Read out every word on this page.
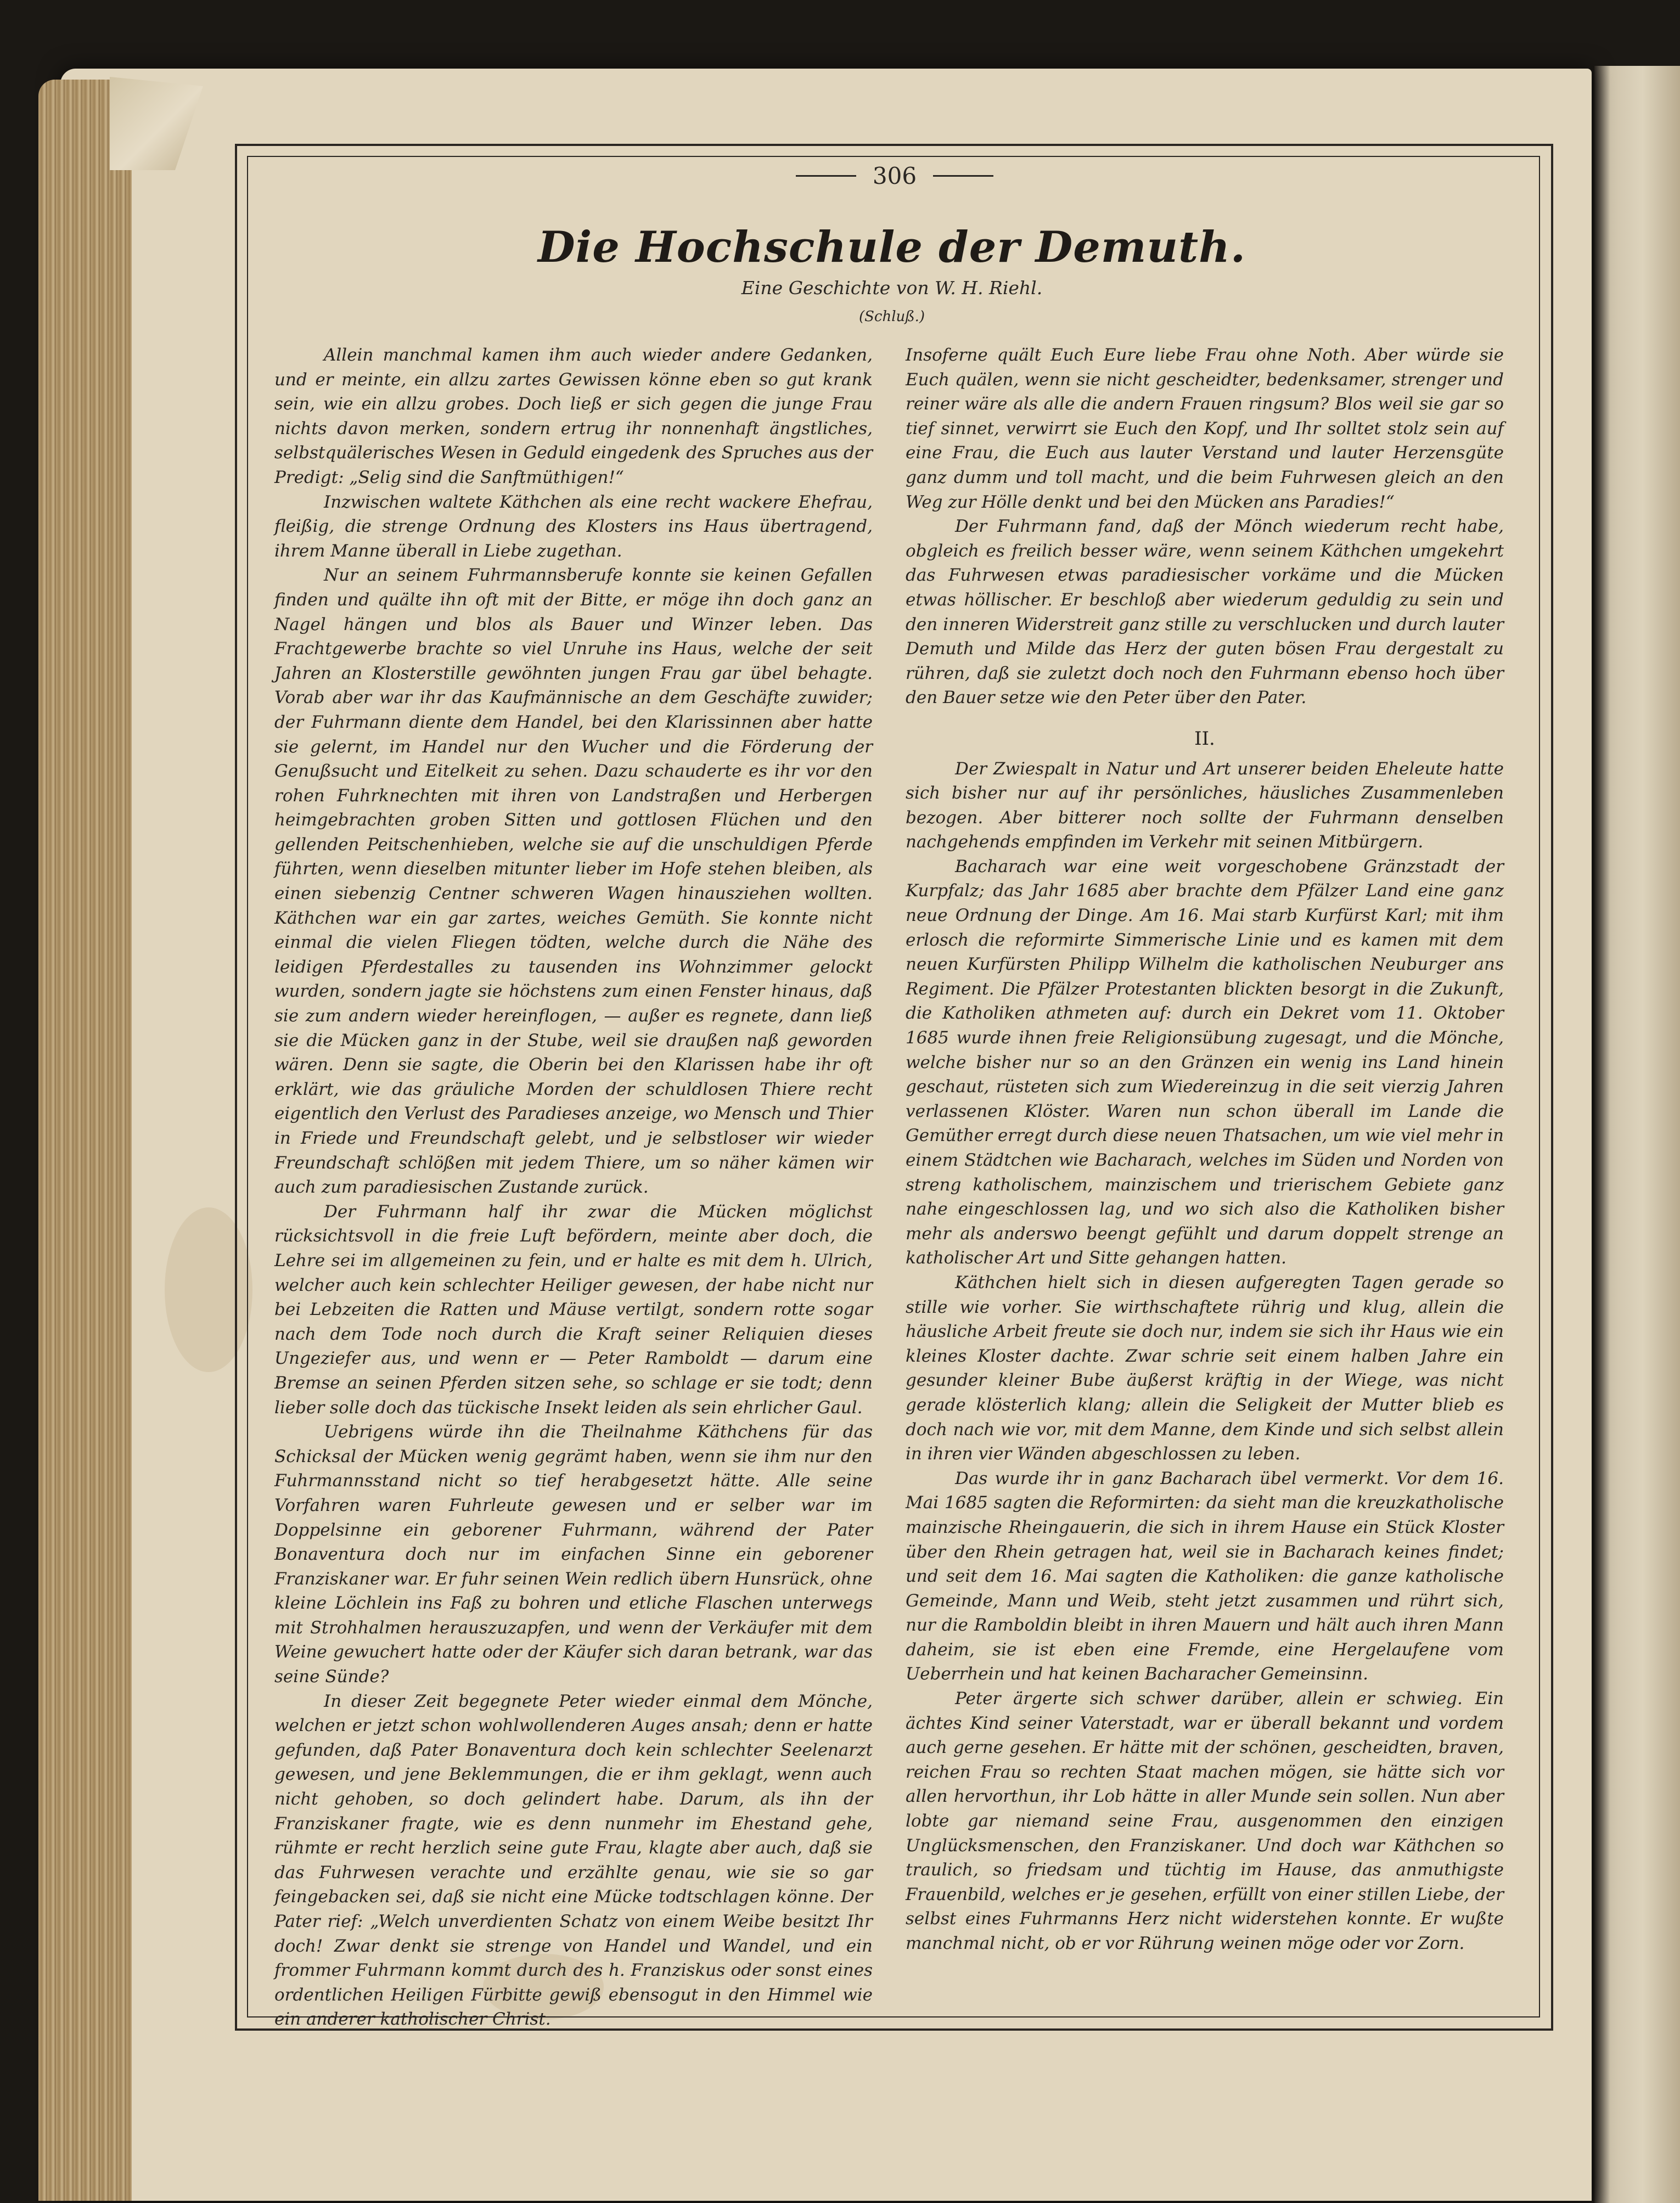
306
Die Hochschule der Demuth.
Eine Geschichte von W. H. Riehl.
(Schluß.)

Allein manchmal kamen ihm auch wieder andere Gedanken, und er meinte, ein allzu zartes Gewissen könne eben so gut krank sein, wie ein allzu grobes. Doch ließ er sich gegen die junge Frau nichts davon merken, sondern ertrug ihr nonnenhaft ängstliches, selbstquälerisches Wesen in Geduld eingedenk des Spruches aus der Predigt: „Selig sind die Sanftmüthigen!“

Inzwischen waltete Käthchen als eine recht wackere Ehefrau, fleißig, die strenge Ordnung des Klosters ins Haus übertragend, ihrem Manne überall in Liebe zugethan.

Nur an seinem Fuhrmannsberufe konnte sie keinen Gefallen finden und quälte ihn oft mit der Bitte, er möge ihn doch ganz an Nagel hängen und blos als Bauer und Winzer leben. Das Frachtgewerbe brachte so viel Unruhe ins Haus, welche der seit Jahren an Klosterstille gewöhnten jungen Frau gar übel behagte. Vorab aber war ihr das Kaufmännische an dem Geschäfte zuwider; der Fuhrmann diente dem Handel, bei den Klarissinnen aber hatte sie gelernt, im Handel nur den Wucher und die Förderung der Genußsucht und Eitelkeit zu sehen. Dazu schauderte es ihr vor den rohen Fuhrknechten mit ihren von Landstraßen und Herbergen heimgebrachten groben Sitten und gottlosen Flüchen und den gellenden Peitschenhieben, welche sie auf die unschuldigen Pferde führten, wenn dieselben mitunter lieber im Hofe stehen bleiben, als einen siebenzig Centner schweren Wagen hinausziehen wollten. Käthchen war ein gar zartes, weiches Gemüth. Sie konnte nicht einmal die vielen Fliegen tödten, welche durch die Nähe des leidigen Pferdestalles zu tausenden ins Wohnzimmer gelockt wurden, sondern jagte sie höchstens zum einen Fenster hinaus, daß sie zum andern wieder hereinflogen, — außer es regnete, dann ließ sie die Mücken ganz in der Stube, weil sie draußen naß geworden wären. Denn sie sagte, die Oberin bei den Klarissen habe ihr oft erklärt, wie das gräuliche Morden der schuldlosen Thiere recht eigentlich den Verlust des Paradieses anzeige, wo Mensch und Thier in Friede und Freundschaft gelebt, und je selbstloser wir wieder Freundschaft schlößen mit jedem Thiere, um so näher kämen wir auch zum paradiesischen Zustande zurück.

Der Fuhrmann half ihr zwar die Mücken möglichst rücksichtsvoll in die freie Luft befördern, meinte aber doch, die Lehre sei im allgemeinen zu fein, und er halte es mit dem h. Ulrich, welcher auch kein schlechter Heiliger gewesen, der habe nicht nur bei Lebzeiten die Ratten und Mäuse vertilgt, sondern rotte sogar nach dem Tode noch durch die Kraft seiner Reliquien dieses Ungeziefer aus, und wenn er — Peter Ramboldt — darum eine Bremse an seinen Pferden sitzen sehe, so schlage er sie todt; denn lieber solle doch das tückische Insekt leiden als sein ehrlicher Gaul.

Uebrigens würde ihn die Theilnahme Käthchens für das Schicksal der Mücken wenig gegrämt haben, wenn sie ihm nur den Fuhrmannsstand nicht so tief herabgesetzt hätte. Alle seine Vorfahren waren Fuhrleute gewesen und er selber war im Doppelsinne ein geborener Fuhrmann, während der Pater Bonaventura doch nur im einfachen Sinne ein geborener Franziskaner war. Er fuhr seinen Wein redlich übern Hunsrück, ohne kleine Löchlein ins Faß zu bohren und etliche Flaschen unterwegs mit Strohhalmen herauszuzapfen, und wenn der Verkäufer mit dem Weine gewuchert hatte oder der Käufer sich daran betrank, war das seine Sünde?

In dieser Zeit begegnete Peter wieder einmal dem Mönche, welchen er jetzt schon wohlwollenderen Auges ansah; denn er hatte gefunden, daß Pater Bonaventura doch kein schlechter Seelenarzt gewesen, und jene Beklemmungen, die er ihm geklagt, wenn auch nicht gehoben, so doch gelindert habe. Darum, als ihn der Franziskaner fragte, wie es denn nunmehr im Ehestand gehe, rühmte er recht herzlich seine gute Frau, klagte aber auch, daß sie das Fuhrwesen verachte und erzählte genau, wie sie so gar feingebacken sei, daß sie nicht eine Mücke todtschlagen könne. Der Pater rief: „Welch unverdienten Schatz von einem Weibe besitzt Ihr doch! Zwar denkt sie strenge von Handel und Wandel, und ein frommer Fuhrmann kommt durch des h. Franziskus oder sonst eines ordentlichen Heiligen Fürbitte gewiß ebensogut in den Himmel wie ein anderer katholischer Christ.

Insoferne quält Euch Eure liebe Frau ohne Noth. Aber würde sie Euch quälen, wenn sie nicht gescheidter, bedenksamer, strenger und reiner wäre als alle die andern Frauen ringsum? Blos weil sie gar so tief sinnet, verwirrt sie Euch den Kopf, und Ihr solltet stolz sein auf eine Frau, die Euch aus lauter Verstand und lauter Herzensgüte ganz dumm und toll macht, und die beim Fuhrwesen gleich an den Weg zur Hölle denkt und bei den Mücken ans Paradies!“

Der Fuhrmann fand, daß der Mönch wiederum recht habe, obgleich es freilich besser wäre, wenn seinem Käthchen umgekehrt das Fuhrwesen etwas paradiesischer vorkäme und die Mücken etwas höllischer. Er beschloß aber wiederum geduldig zu sein und den inneren Widerstreit ganz stille zu verschlucken und durch lauter Demuth und Milde das Herz der guten bösen Frau dergestalt zu rühren, daß sie zuletzt doch noch den Fuhrmann ebenso hoch über den Bauer setze wie den Peter über den Pater.

II.

Der Zwiespalt in Natur und Art unserer beiden Eheleute hatte sich bisher nur auf ihr persönliches, häusliches Zusammenleben bezogen. Aber bitterer noch sollte der Fuhrmann denselben nachgehends empfinden im Verkehr mit seinen Mitbürgern.

Bacharach war eine weit vorgeschobene Gränzstadt der Kurpfalz; das Jahr 1685 aber brachte dem Pfälzer Land eine ganz neue Ordnung der Dinge. Am 16. Mai starb Kurfürst Karl; mit ihm erlosch die reformirte Simmerische Linie und es kamen mit dem neuen Kurfürsten Philipp Wilhelm die katholischen Neuburger ans Regiment. Die Pfälzer Protestanten blickten besorgt in die Zukunft, die Katholiken athmeten auf: durch ein Dekret vom 11. Oktober 1685 wurde ihnen freie Religionsübung zugesagt, und die Mönche, welche bisher nur so an den Gränzen ein wenig ins Land hinein geschaut, rüsteten sich zum Wiedereinzug in die seit vierzig Jahren verlassenen Klöster. Waren nun schon überall im Lande die Gemüther erregt durch diese neuen Thatsachen, um wie viel mehr in einem Städtchen wie Bacharach, welches im Süden und Norden von streng katholischem, mainzischem und trierischem Gebiete ganz nahe eingeschlossen lag, und wo sich also die Katholiken bisher mehr als anderswo beengt gefühlt und darum doppelt strenge an katholischer Art und Sitte gehangen hatten.

Käthchen hielt sich in diesen aufgeregten Tagen gerade so stille wie vorher. Sie wirthschaftete rührig und klug, allein die häusliche Arbeit freute sie doch nur, indem sie sich ihr Haus wie ein kleines Kloster dachte. Zwar schrie seit einem halben Jahre ein gesunder kleiner Bube äußerst kräftig in der Wiege, was nicht gerade klösterlich klang; allein die Seligkeit der Mutter blieb es doch nach wie vor, mit dem Manne, dem Kinde und sich selbst allein in ihren vier Wänden abgeschlossen zu leben.

Das wurde ihr in ganz Bacharach übel vermerkt. Vor dem 16. Mai 1685 sagten die Reformirten: da sieht man die kreuzkatholische mainzische Rheingauerin, die sich in ihrem Hause ein Stück Kloster über den Rhein getragen hat, weil sie in Bacharach keines findet; und seit dem 16. Mai sagten die Katholiken: die ganze katholische Gemeinde, Mann und Weib, steht jetzt zusammen und rührt sich, nur die Ramboldin bleibt in ihren Mauern und hält auch ihren Mann daheim, sie ist eben eine Fremde, eine Hergelaufene vom Ueberrhein und hat keinen Bacharacher Gemeinsinn.

Peter ärgerte sich schwer darüber, allein er schwieg. Ein ächtes Kind seiner Vaterstadt, war er überall bekannt und vordem auch gerne gesehen. Er hätte mit der schönen, gescheidten, braven, reichen Frau so rechten Staat machen mögen, sie hätte sich vor allen hervorthun, ihr Lob hätte in aller Munde sein sollen. Nun aber lobte gar niemand seine Frau, ausgenommen den einzigen Unglücksmenschen, den Franziskaner. Und doch war Käthchen so traulich, so friedsam und tüchtig im Hause, das anmuthigste Frauenbild, welches er je gesehen, erfüllt von einer stillen Liebe, der selbst eines Fuhrmanns Herz nicht widerstehen konnte. Er wußte manchmal nicht, ob er vor Rührung weinen möge oder vor Zorn.
